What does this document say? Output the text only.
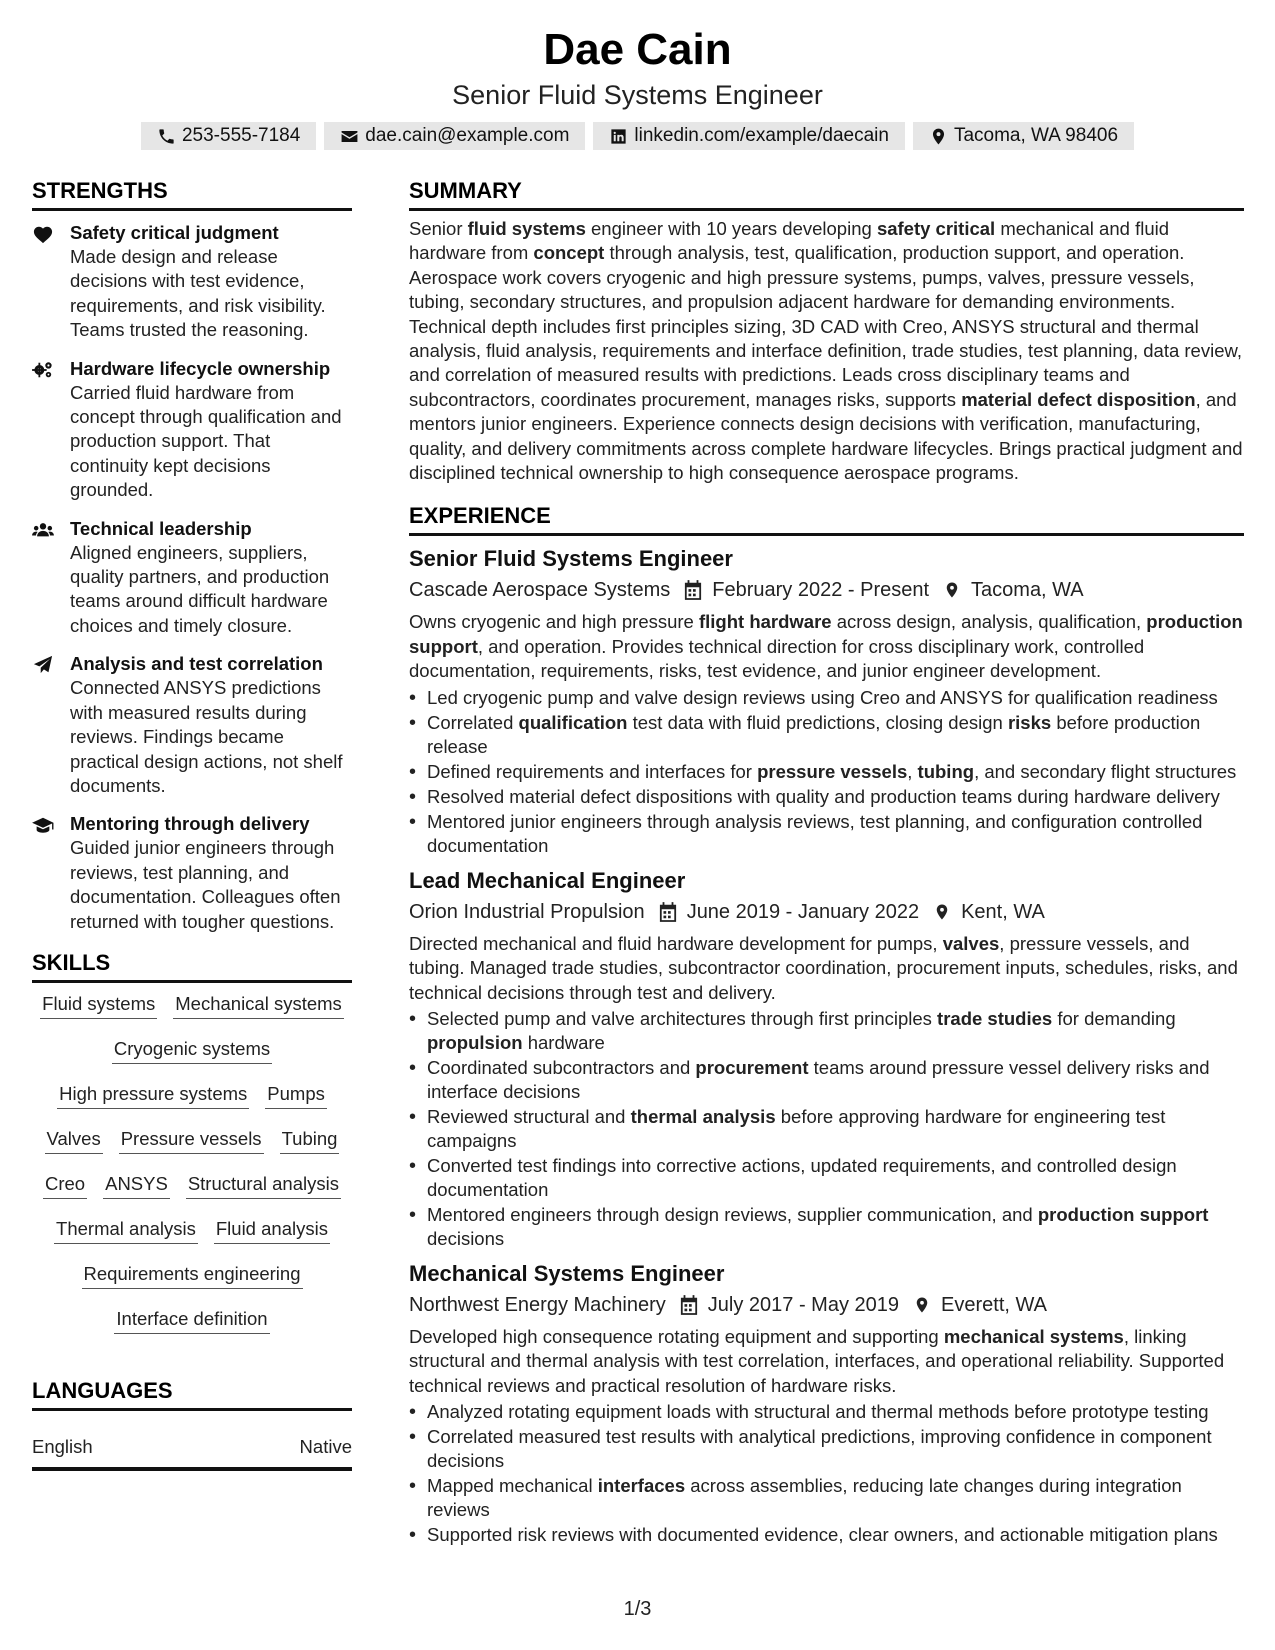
Dae Cain
Senior Fluid Systems Engineer
253-555-7184	dae.cain@example.com	linkedin.com/example/daecain	Tacoma, WA 98406
STRENGTHS
Safety critical judgment
Made design and release decisions with test evidence, requirements, and risk visibility. Teams trusted the reasoning.
Hardware lifecycle ownership
Carried fluid hardware from concept through qualification and production support. That continuity kept decisions grounded.
Technical leadership
Aligned engineers, suppliers, quality partners, and production teams around difficult hardware choices and timely closure.
Analysis and test correlation
Connected ANSYS predictions with measured results during reviews. Findings became practical design actions, not shelf documents.
Mentoring through delivery
Guided junior engineers through reviews, test planning, and documentation. Colleagues often returned with tougher questions.
SKILLS
Fluid systems Mechanical systems
Cryogenic systems
High pressure systems Pumps
Valves Pressure vessels Tubing
Creo ANSYS Structural analysis
Thermal analysis Fluid analysis
Requirements engineering
Interface definition
LANGUAGES
English	Native
SUMMARY
Senior fluid systems engineer with 10 years developing safety critical mechanical and fluid hardware from concept through analysis, test, qualification, production support, and operation. Aerospace work covers cryogenic and high pressure systems, pumps, valves, pressure vessels, tubing, secondary structures, and propulsion adjacent hardware for demanding environments. Technical depth includes first principles sizing, 3D CAD with Creo, ANSYS structural and thermal analysis, fluid analysis, requirements and interface definition, trade studies, test planning, data review, and correlation of measured results with predictions. Leads cross disciplinary teams and subcontractors, coordinates procurement, manages risks, supports material defect disposition, and mentors junior engineers. Experience connects design decisions with verification, manufacturing, quality, and delivery commitments across complete hardware lifecycles. Brings practical judgment and disciplined technical ownership to high consequence aerospace programs.
EXPERIENCE
Senior Fluid Systems Engineer
Cascade Aerospace Systems February 2022 - Present Tacoma, WA
Owns cryogenic and high pressure flight hardware across design, analysis, qualification, production support, and operation. Provides technical direction for cross disciplinary work, controlled documentation, requirements, risks, test evidence, and junior engineer development.
• Led cryogenic pump and valve design reviews using Creo and ANSYS for qualification readiness
• Correlated qualification test data with fluid predictions, closing design risks before production release
• Defined requirements and interfaces for pressure vessels, tubing, and secondary flight structures
• Resolved material defect dispositions with quality and production teams during hardware delivery
• Mentored junior engineers through analysis reviews, test planning, and configuration controlled documentation
Lead Mechanical Engineer
Orion Industrial Propulsion June 2019 - January 2022 Kent, WA
Directed mechanical and fluid hardware development for pumps, valves, pressure vessels, and tubing. Managed trade studies, subcontractor coordination, procurement inputs, schedules, risks, and technical decisions through test and delivery.
• Selected pump and valve architectures through first principles trade studies for demanding propulsion hardware
• Coordinated subcontractors and procurement teams around pressure vessel delivery risks and interface decisions
• Reviewed structural and thermal analysis before approving hardware for engineering test campaigns
• Converted test findings into corrective actions, updated requirements, and controlled design documentation
• Mentored engineers through design reviews, supplier communication, and production support decisions
Mechanical Systems Engineer
Northwest Energy Machinery July 2017 - May 2019 Everett, WA
Developed high consequence rotating equipment and supporting mechanical systems, linking structural and thermal analysis with test correlation, interfaces, and operational reliability. Supported technical reviews and practical resolution of hardware risks.
• Analyzed rotating equipment loads with structural and thermal methods before prototype testing
• Correlated measured test results with analytical predictions, improving confidence in component decisions
• Mapped mechanical interfaces across assemblies, reducing late changes during integration reviews
• Supported risk reviews with documented evidence, clear owners, and actionable mitigation plans
1/3
